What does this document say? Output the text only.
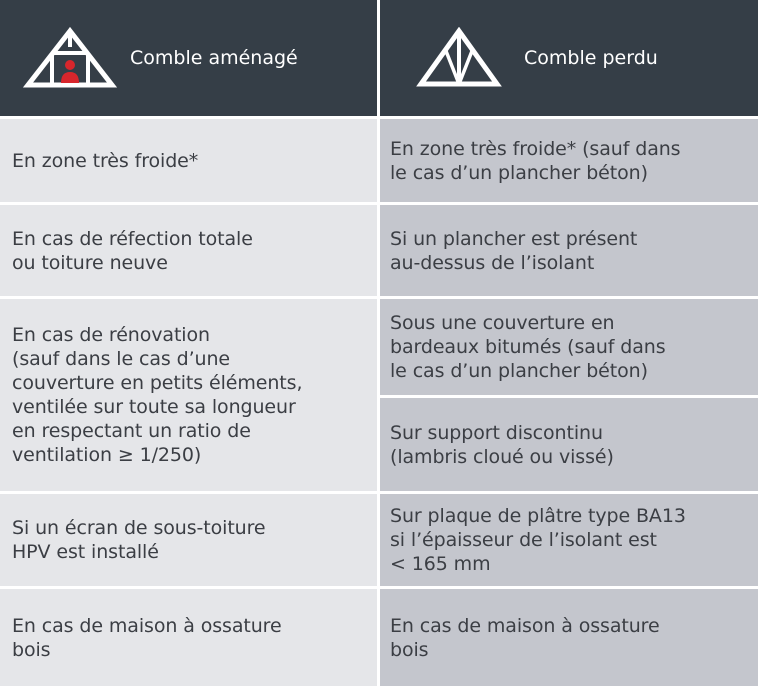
Comble aménagé	Comble perdu
En zone très froide*
En cas de réfection totale
ou toiture neuve
En cas de rénovation
(sauf dans le cas d’une
couverture en petits éléments,
ventilée sur toute sa longueur
en respectant un ratio de
ventilation ≥ 1/250)
Si un écran de sous-toiture
HPV est installé
En cas de maison à ossature
bois
En zone très froide* (sauf dans
le cas d’un plancher béton)
Si un plancher est présent
au-dessus de l’isolant
Sous une couverture en
bardeaux bitumés (sauf dans
le cas d’un plancher béton)
Sur support discontinu
(lambris cloué ou vissé)
Sur plaque de plâtre type BA13
si l’épaisseur de l’isolant est
< 165 mm
En cas de maison à ossature
bois
